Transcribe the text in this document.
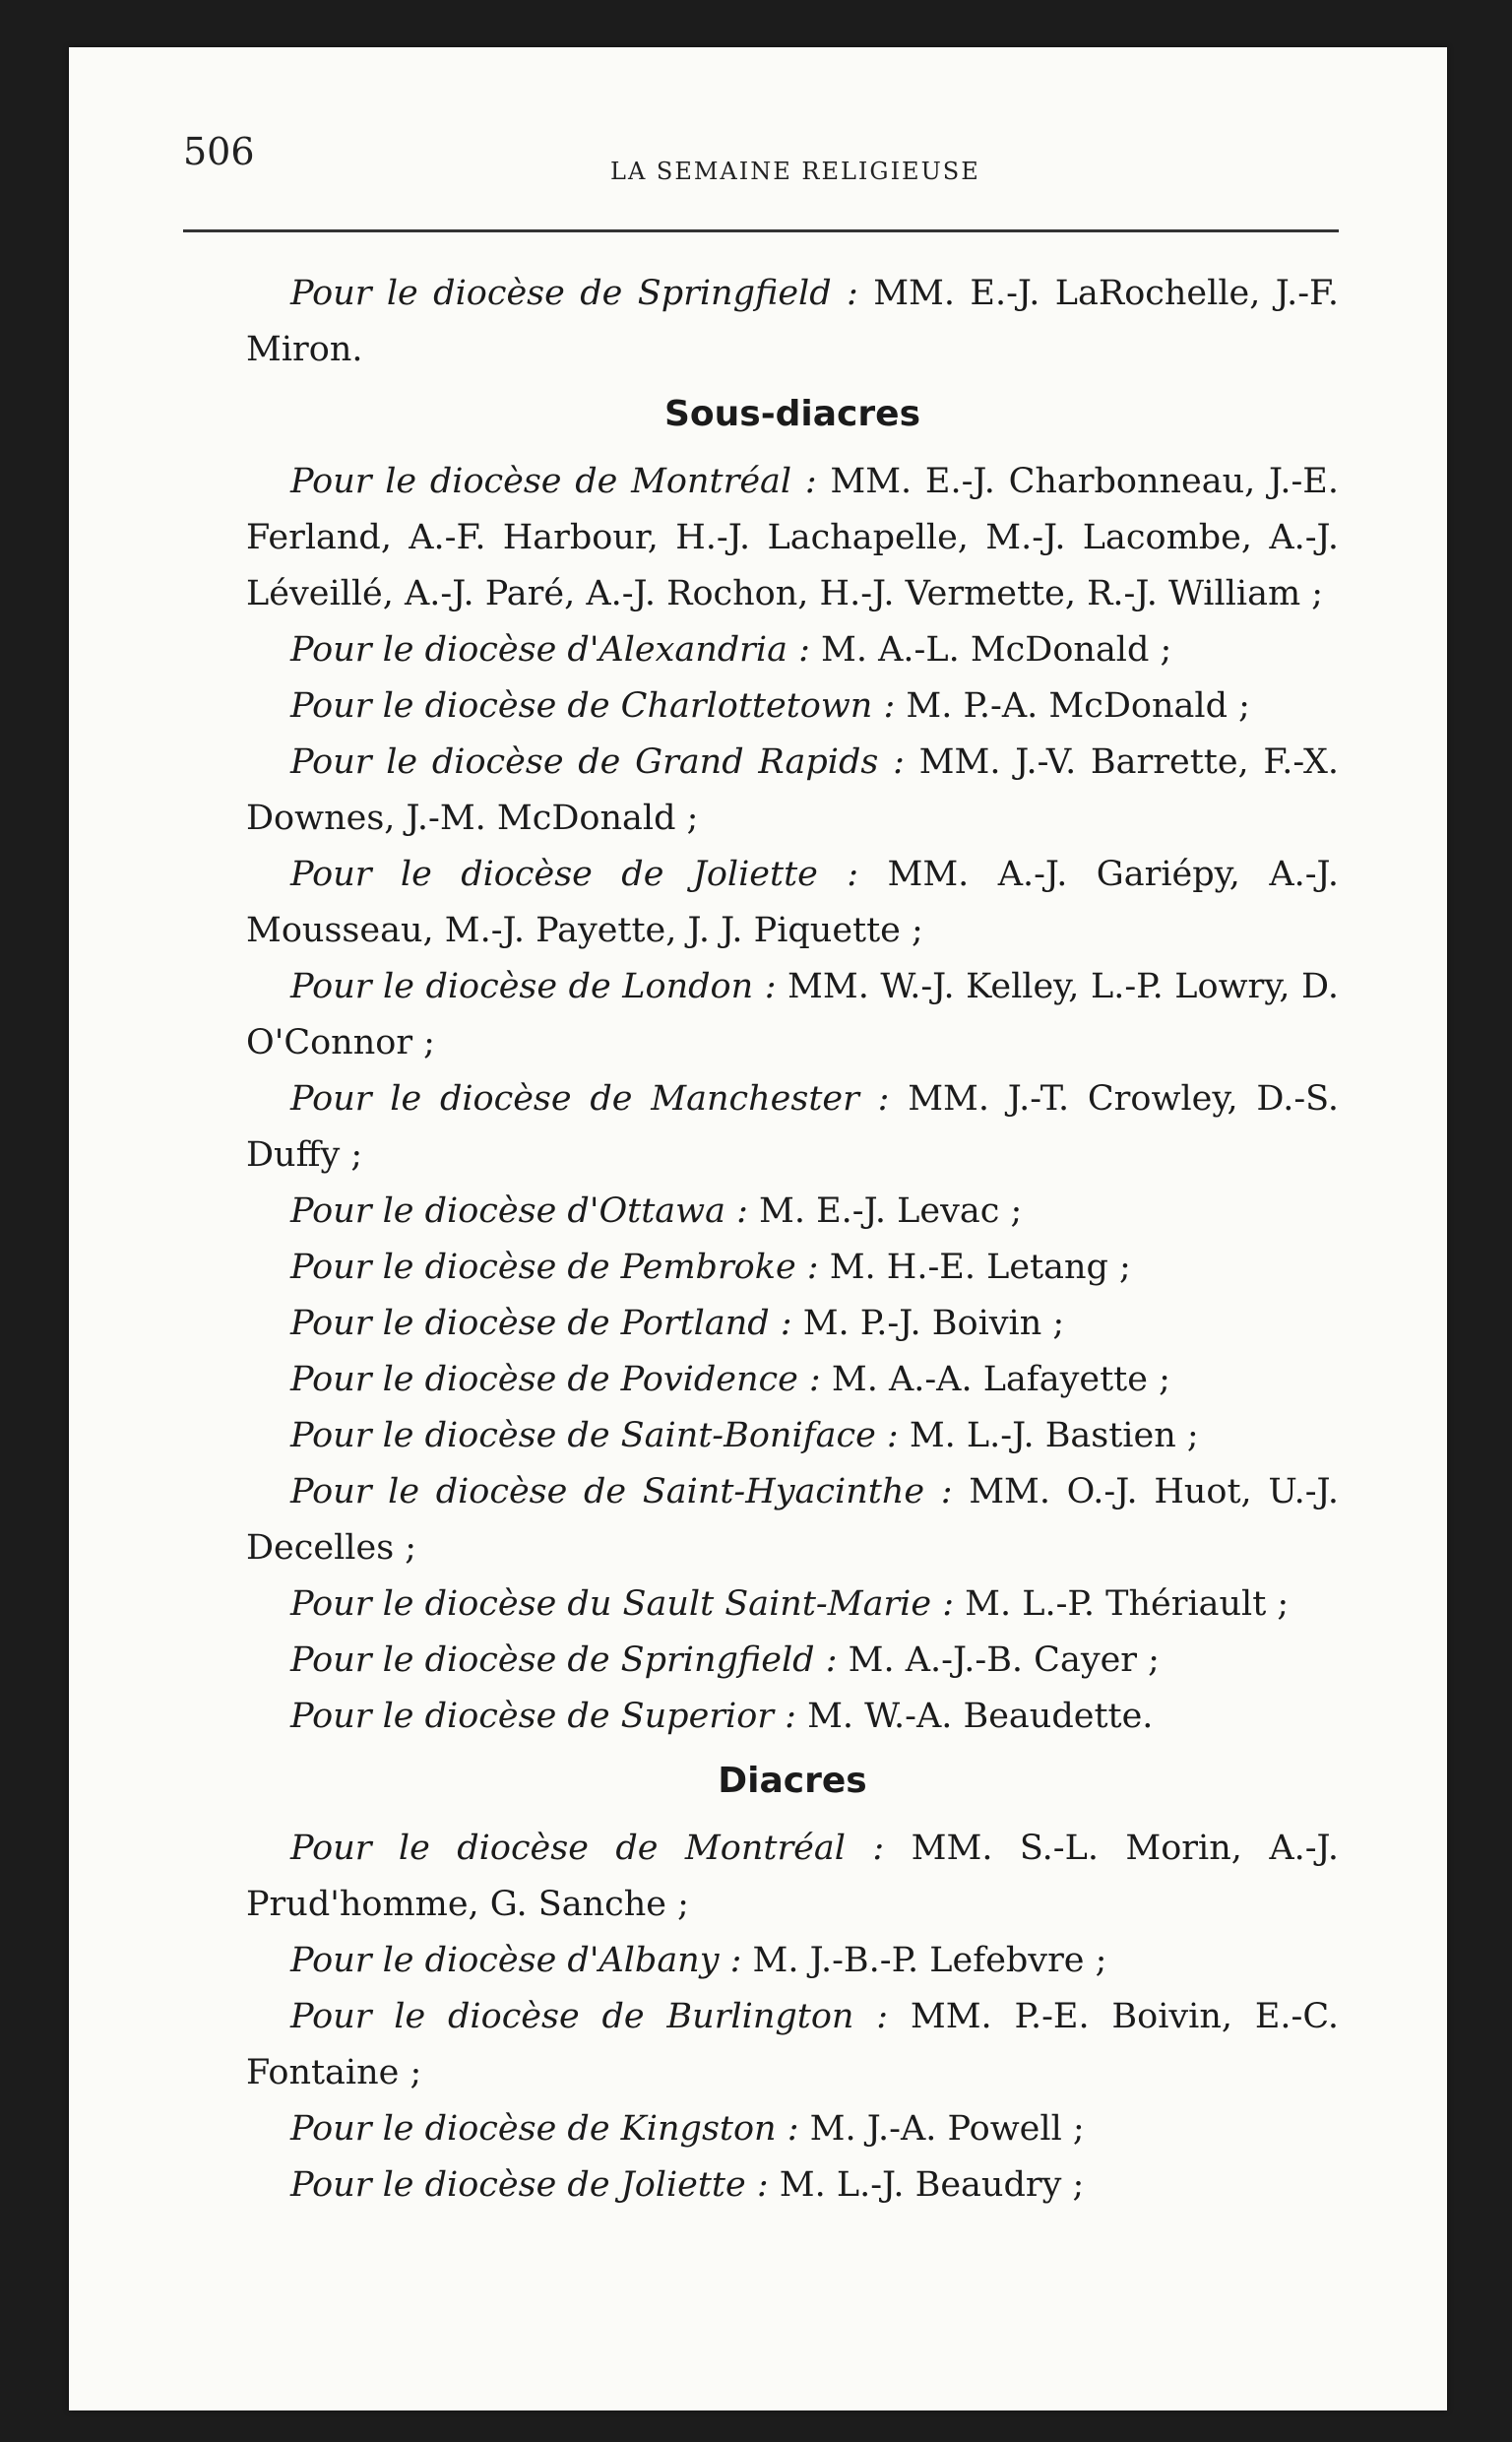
506	LA SEMAINE RELIGIEUSE
Pour le diocèse de Springfield : MM. E.-J. LaRochelle, J.-F. Miron.
Sous-diacres
Pour le diocèse de Montréal : MM. E.-J. Charbonneau, J.-E. Ferland, A.-F. Harbour, H.-J. Lachapelle, M.-J. Lacombe, A.-J. Léveillé, A.-J. Paré, A.-J. Rochon, H.-J. Vermette, R.-J. William ;
Pour le diocèse d'Alexandria : M. A.-L. McDonald ;
Pour le diocèse de Charlottetown : M. P.-A. McDonald ;
Pour le diocèse de Grand Rapids : MM. J.-V. Barrette, F.-X. Downes, J.-M. McDonald ;
Pour le diocèse de Joliette : MM. A.-J. Gariépy, A.-J. Mousseau, M.-J. Payette, J. J. Piquette ;
Pour le diocèse de London : MM. W.-J. Kelley, L.-P. Lowry, D. O'Connor ;
Pour le diocèse de Manchester : MM. J.-T. Crowley, D.-S. Duffy ;
Pour le diocèse d'Ottawa : M. E.-J. Levac ;
Pour le diocèse de Pembroke : M. H.-E. Letang ;
Pour le diocèse de Portland : M. P.-J. Boivin ;
Pour le diocèse de Povidence : M. A.-A. Lafayette ;
Pour le diocèse de Saint-Boniface : M. L.-J. Bastien ;
Pour le diocèse de Saint-Hyacinthe : MM. O.-J. Huot, U.-J. Decelles ;
Pour le diocèse du Sault Saint-Marie : M. L.-P. Thériault ;
Pour le diocèse de Springfield : M. A.-J.-B. Cayer ;
Pour le diocèse de Superior : M. W.-A. Beaudette.
Diacres
Pour le diocèse de Montréal : MM. S.-L. Morin, A.-J. Prud'homme, G. Sanche ;
Pour le diocèse d'Albany : M. J.-B.-P. Lefebvre ;
Pour le diocèse de Burlington : MM. P.-E. Boivin, E.-C. Fontaine ;
Pour le diocèse de Kingston : M. J.-A. Powell ;
Pour le diocèse de Joliette : M. L.-J. Beaudry ;
